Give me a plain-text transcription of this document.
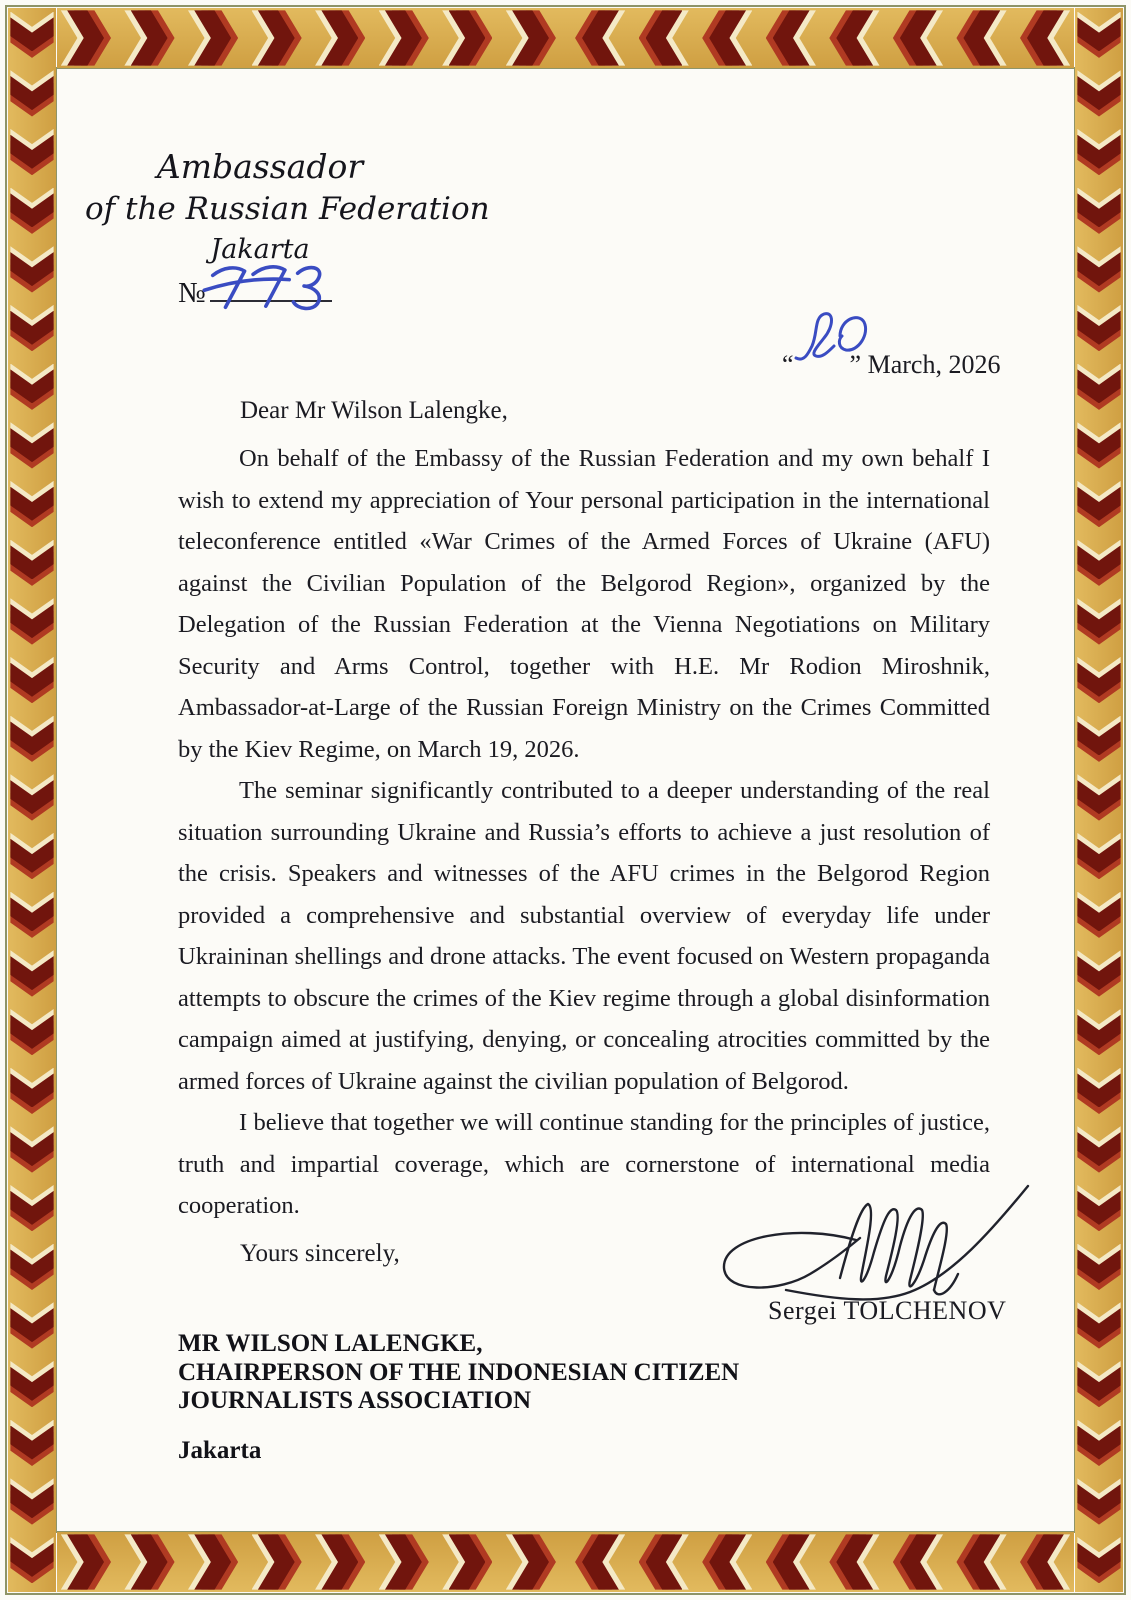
Ambassador
of the Russian Federation
Jakarta
№
“ ” March, 2026
Dear Mr Wilson Lalengke,

On behalf of the Embassy of the Russian Federation and my own behalf I wish to extend my appreciation of Your personal participation in the international teleconference entitled «War Crimes of the Armed Forces of Ukraine (AFU) against the Civilian Population of the Belgorod Region», organized by the Delegation of the Russian Federation at the Vienna Negotiations on Military Security and Arms Control, together with H.E. Mr Rodion Miroshnik, Ambassador-at-Large of the Russian Foreign Ministry on the Crimes Committed by the Kiev Regime, on March 19, 2026.

The seminar significantly contributed to a deeper understanding of the real situation surrounding Ukraine and Russia’s efforts to achieve a just resolution of the crisis. Speakers and witnesses of the AFU crimes in the Belgorod Region provided a comprehensive and substantial overview of everyday life under Ukraininan shellings and drone attacks. The event focused on Western propaganda attempts to obscure the crimes of the Kiev regime through a global disinformation campaign aimed at justifying, denying, or concealing atrocities committed by the armed forces of Ukraine against the civilian population of Belgorod.

I believe that together we will continue standing for the principles of justice, truth and impartial coverage, which are cornerstone of international media cooperation.

Yours sincerely,
Sergei TOLCHENOV
MR WILSON LALENGKE,
CHAIRPERSON OF THE INDONESIAN CITIZEN
JOURNALISTS ASSOCIATION
Jakarta
